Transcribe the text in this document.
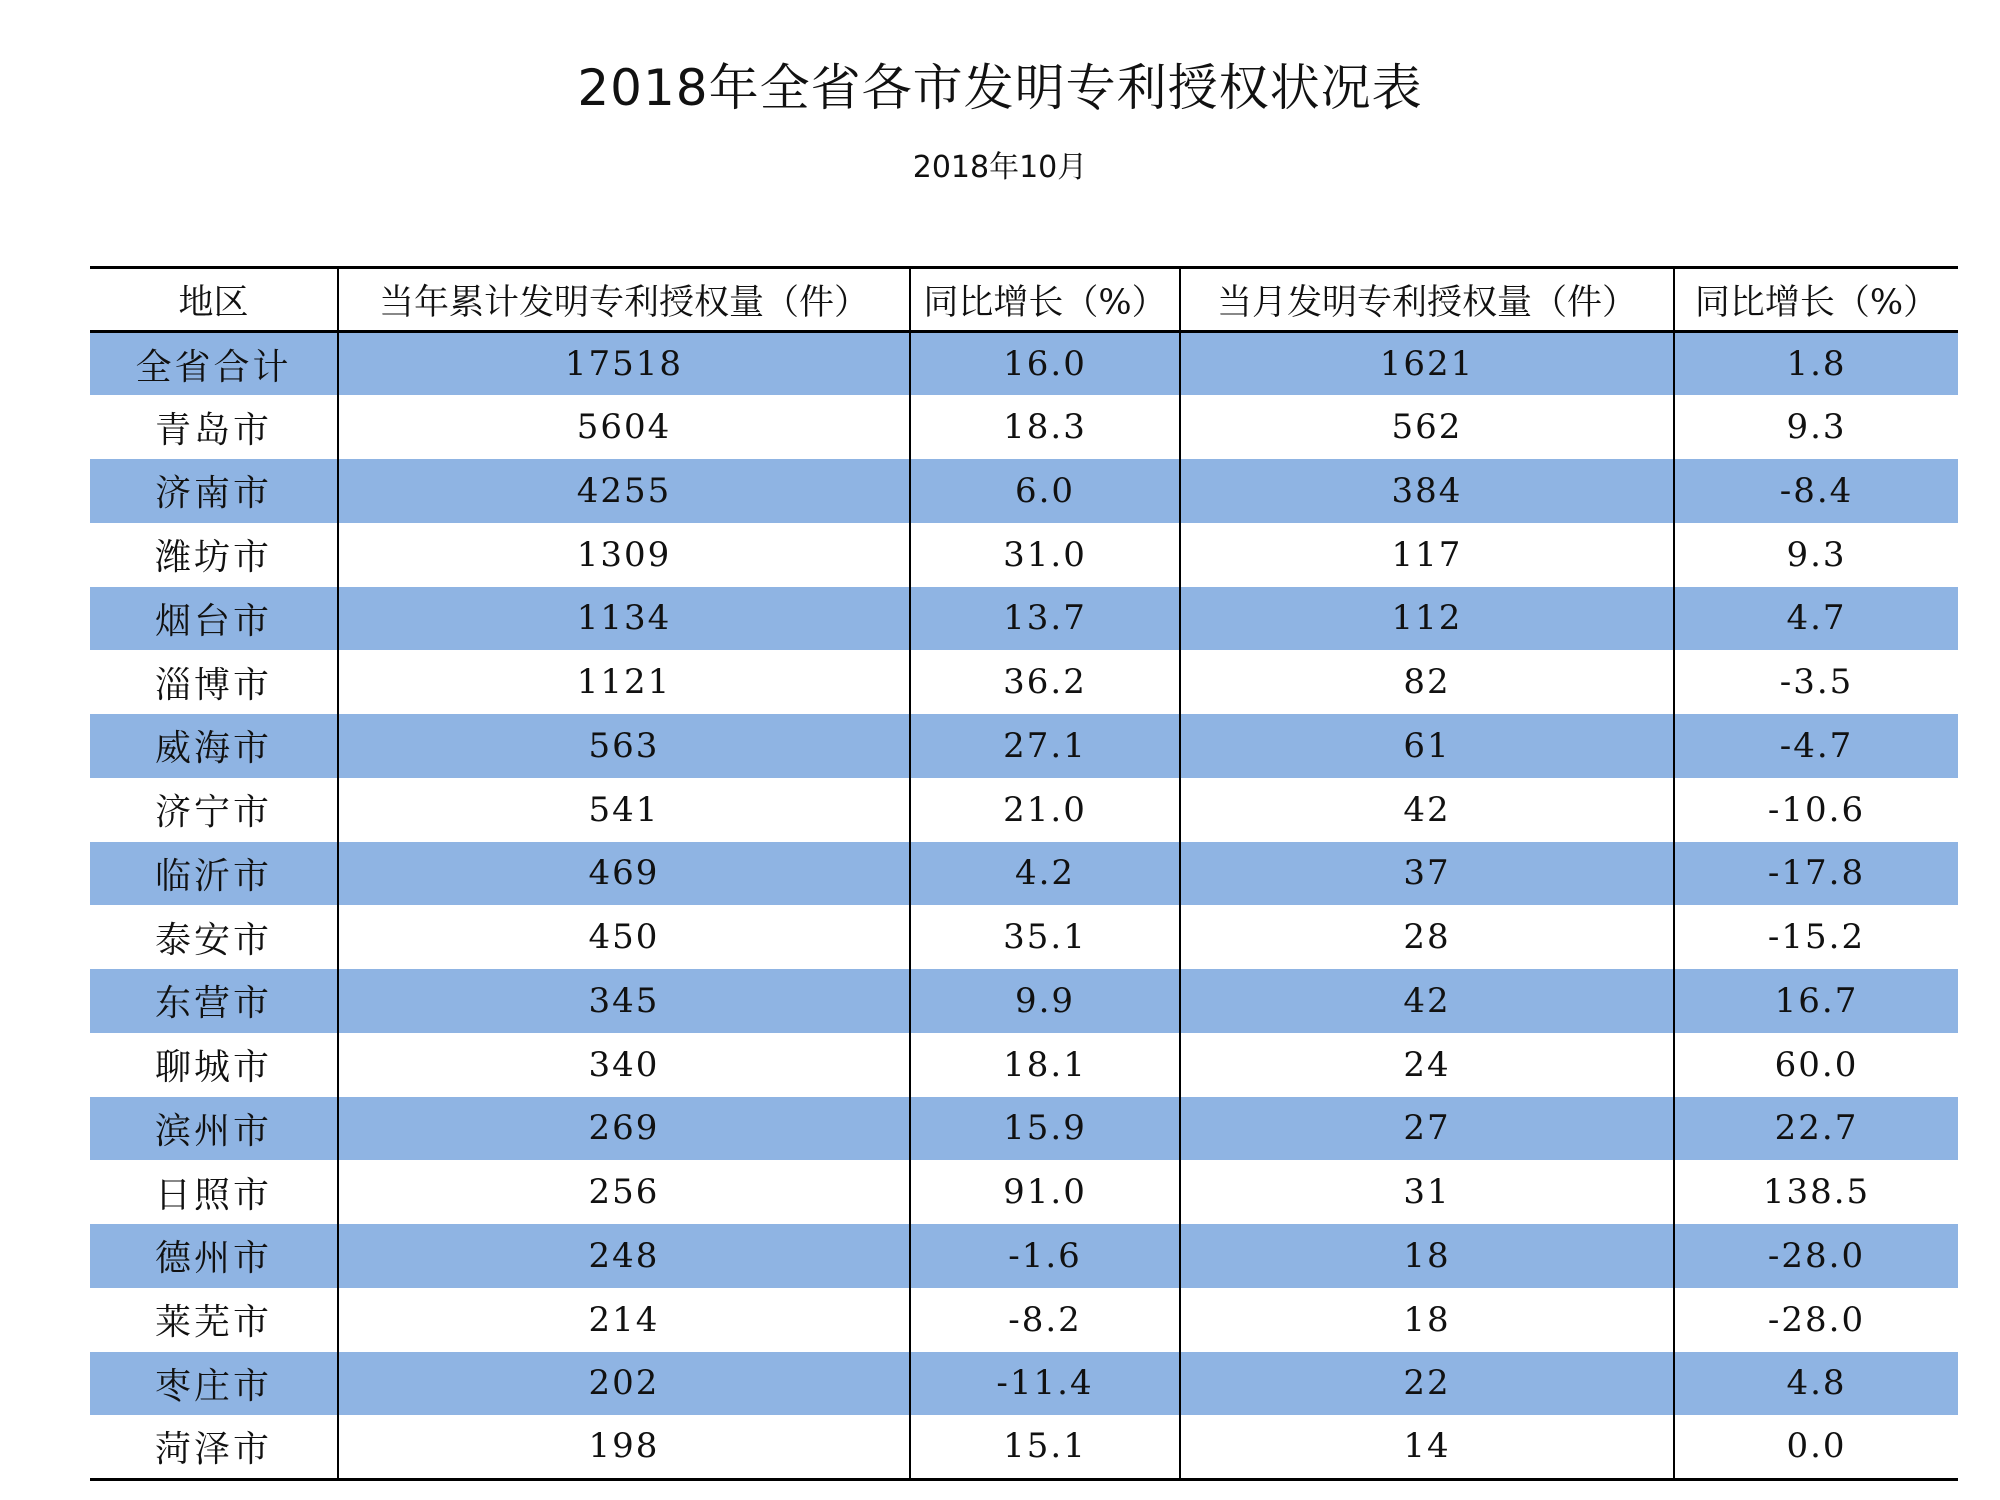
2018年全省各市发明专利授权状况表
2018年10月
地区	当年累计发明专利授权量（件）	同比增长（%）	当月发明专利授权量（件）	同比增长（%）
全省合计	17518	16.0	1621	1.8
青岛市	5604	18.3	562	9.3
济南市	4255	6.0	384	-8.4
潍坊市	1309	31.0	117	9.3
烟台市	1134	13.7	112	4.7
淄博市	1121	36.2	82	-3.5
威海市	563	27.1	61	-4.7
济宁市	541	21.0	42	-10.6
临沂市	469	4.2	37	-17.8
泰安市	450	35.1	28	-15.2
东营市	345	9.9	42	16.7
聊城市	340	18.1	24	60.0
滨州市	269	15.9	27	22.7
日照市	256	91.0	31	138.5
德州市	248	-1.6	18	-28.0
莱芜市	214	-8.2	18	-28.0
枣庄市	202	-11.4	22	4.8
菏泽市	198	15.1	14	0.0
